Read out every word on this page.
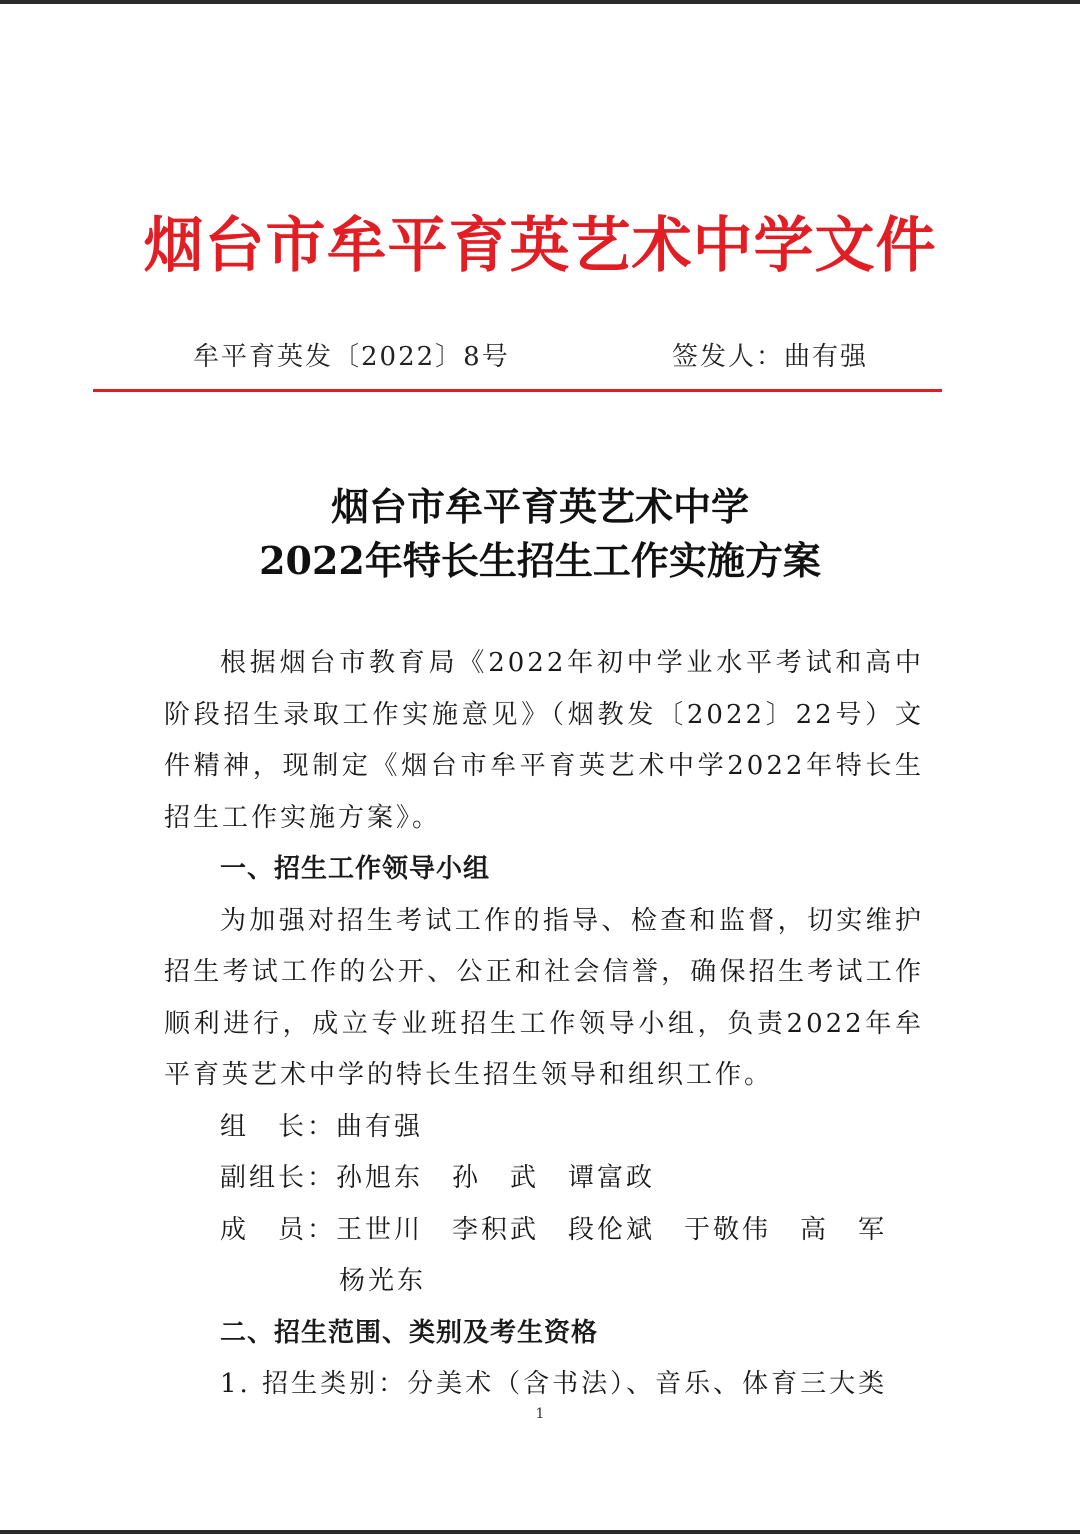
烟台市牟平育英艺术中学文件
牟平育英发〔2022〕8号	签发人：曲有强
烟台市牟平育英艺术中学
2022年特长生招生工作实施方案

根据烟台市教育局《2022年初中学业水平考试和高中阶段招生录取工作实施意见》（烟教发〔2022〕22号）文件精神，现制定《烟台市牟平育英艺术中学2022年特长生招生工作实施方案》。

一、招生工作领导小组

为加强对招生考试工作的指导、检查和监督，切实维护招生考试工作的公开、公正和社会信誉，确保招生考试工作顺利进行，成立专业班招生工作领导小组，负责2022年牟平育英艺术中学的特长生招生领导和组织工作。

组　长：曲有强

副组长：孙旭东　孙　武　谭富政

成　员：王世川　李积武　段伦斌　于敬伟　高　军

杨光东

二、招生范围、类别及考生资格

1. 招生类别：分美术（含书法）、音乐、体育三大类

1
